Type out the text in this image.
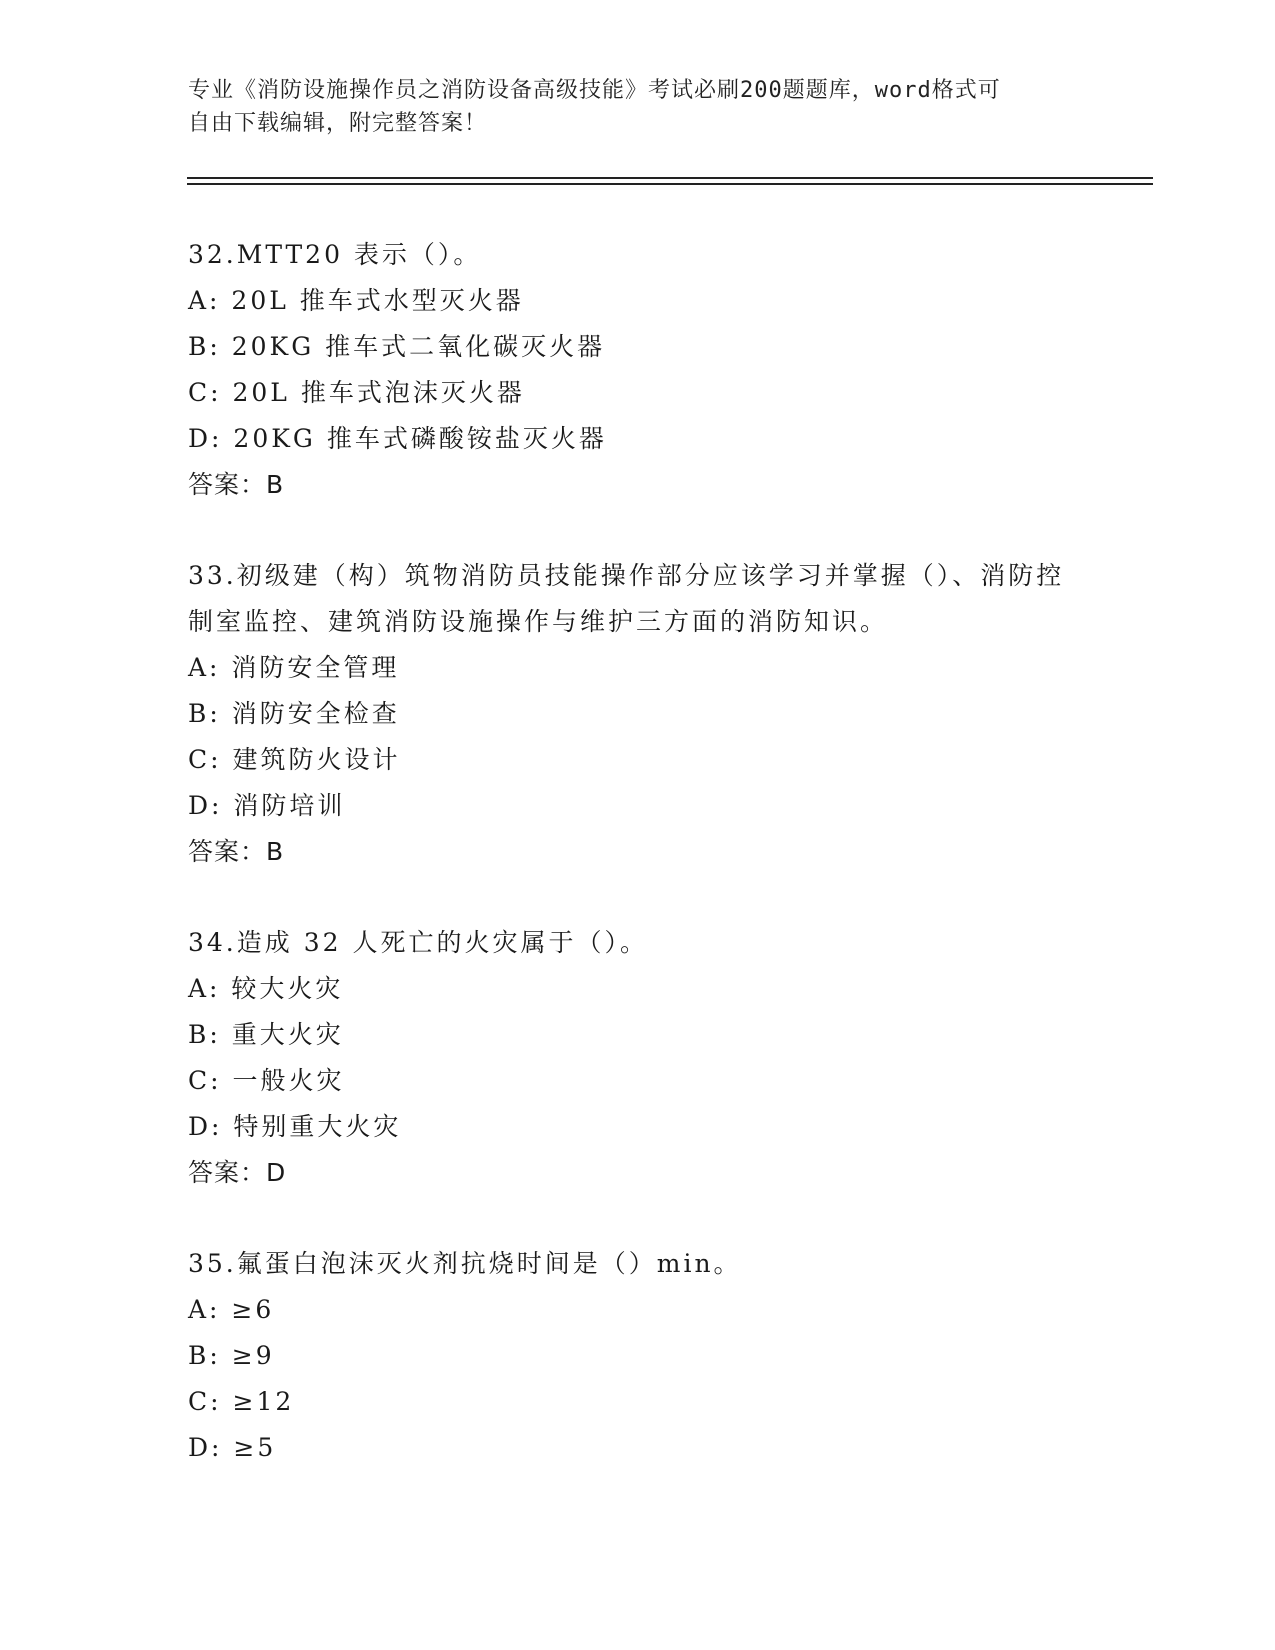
专业《消防设施操作员之消防设备高级技能》考试必刷200题题库，word格式可
自由下载编辑，附完整答案！
32.MTT20 表示（）。
A: 20L 推车式水型灭火器
B: 20KG 推车式二氧化碳灭火器
C: 20L 推车式泡沫灭火器
D: 20KG 推车式磷酸铵盐灭火器
答案：B
33.初级建（构）筑物消防员技能操作部分应该学习并掌握（）、消防控制室监控、建筑消防设施操作与维护三方面的消防知识。
A: 消防安全管理
B: 消防安全检查
C: 建筑防火设计
D: 消防培训
答案：B
34.造成 32 人死亡的火灾属于（）。
A: 较大火灾
B: 重大火灾
C: 一般火灾
D: 特别重大火灾
答案：D
35.氟蛋白泡沫灭火剂抗烧时间是（）min。
A: ≥6
B: ≥9
C: ≥12
D: ≥5
